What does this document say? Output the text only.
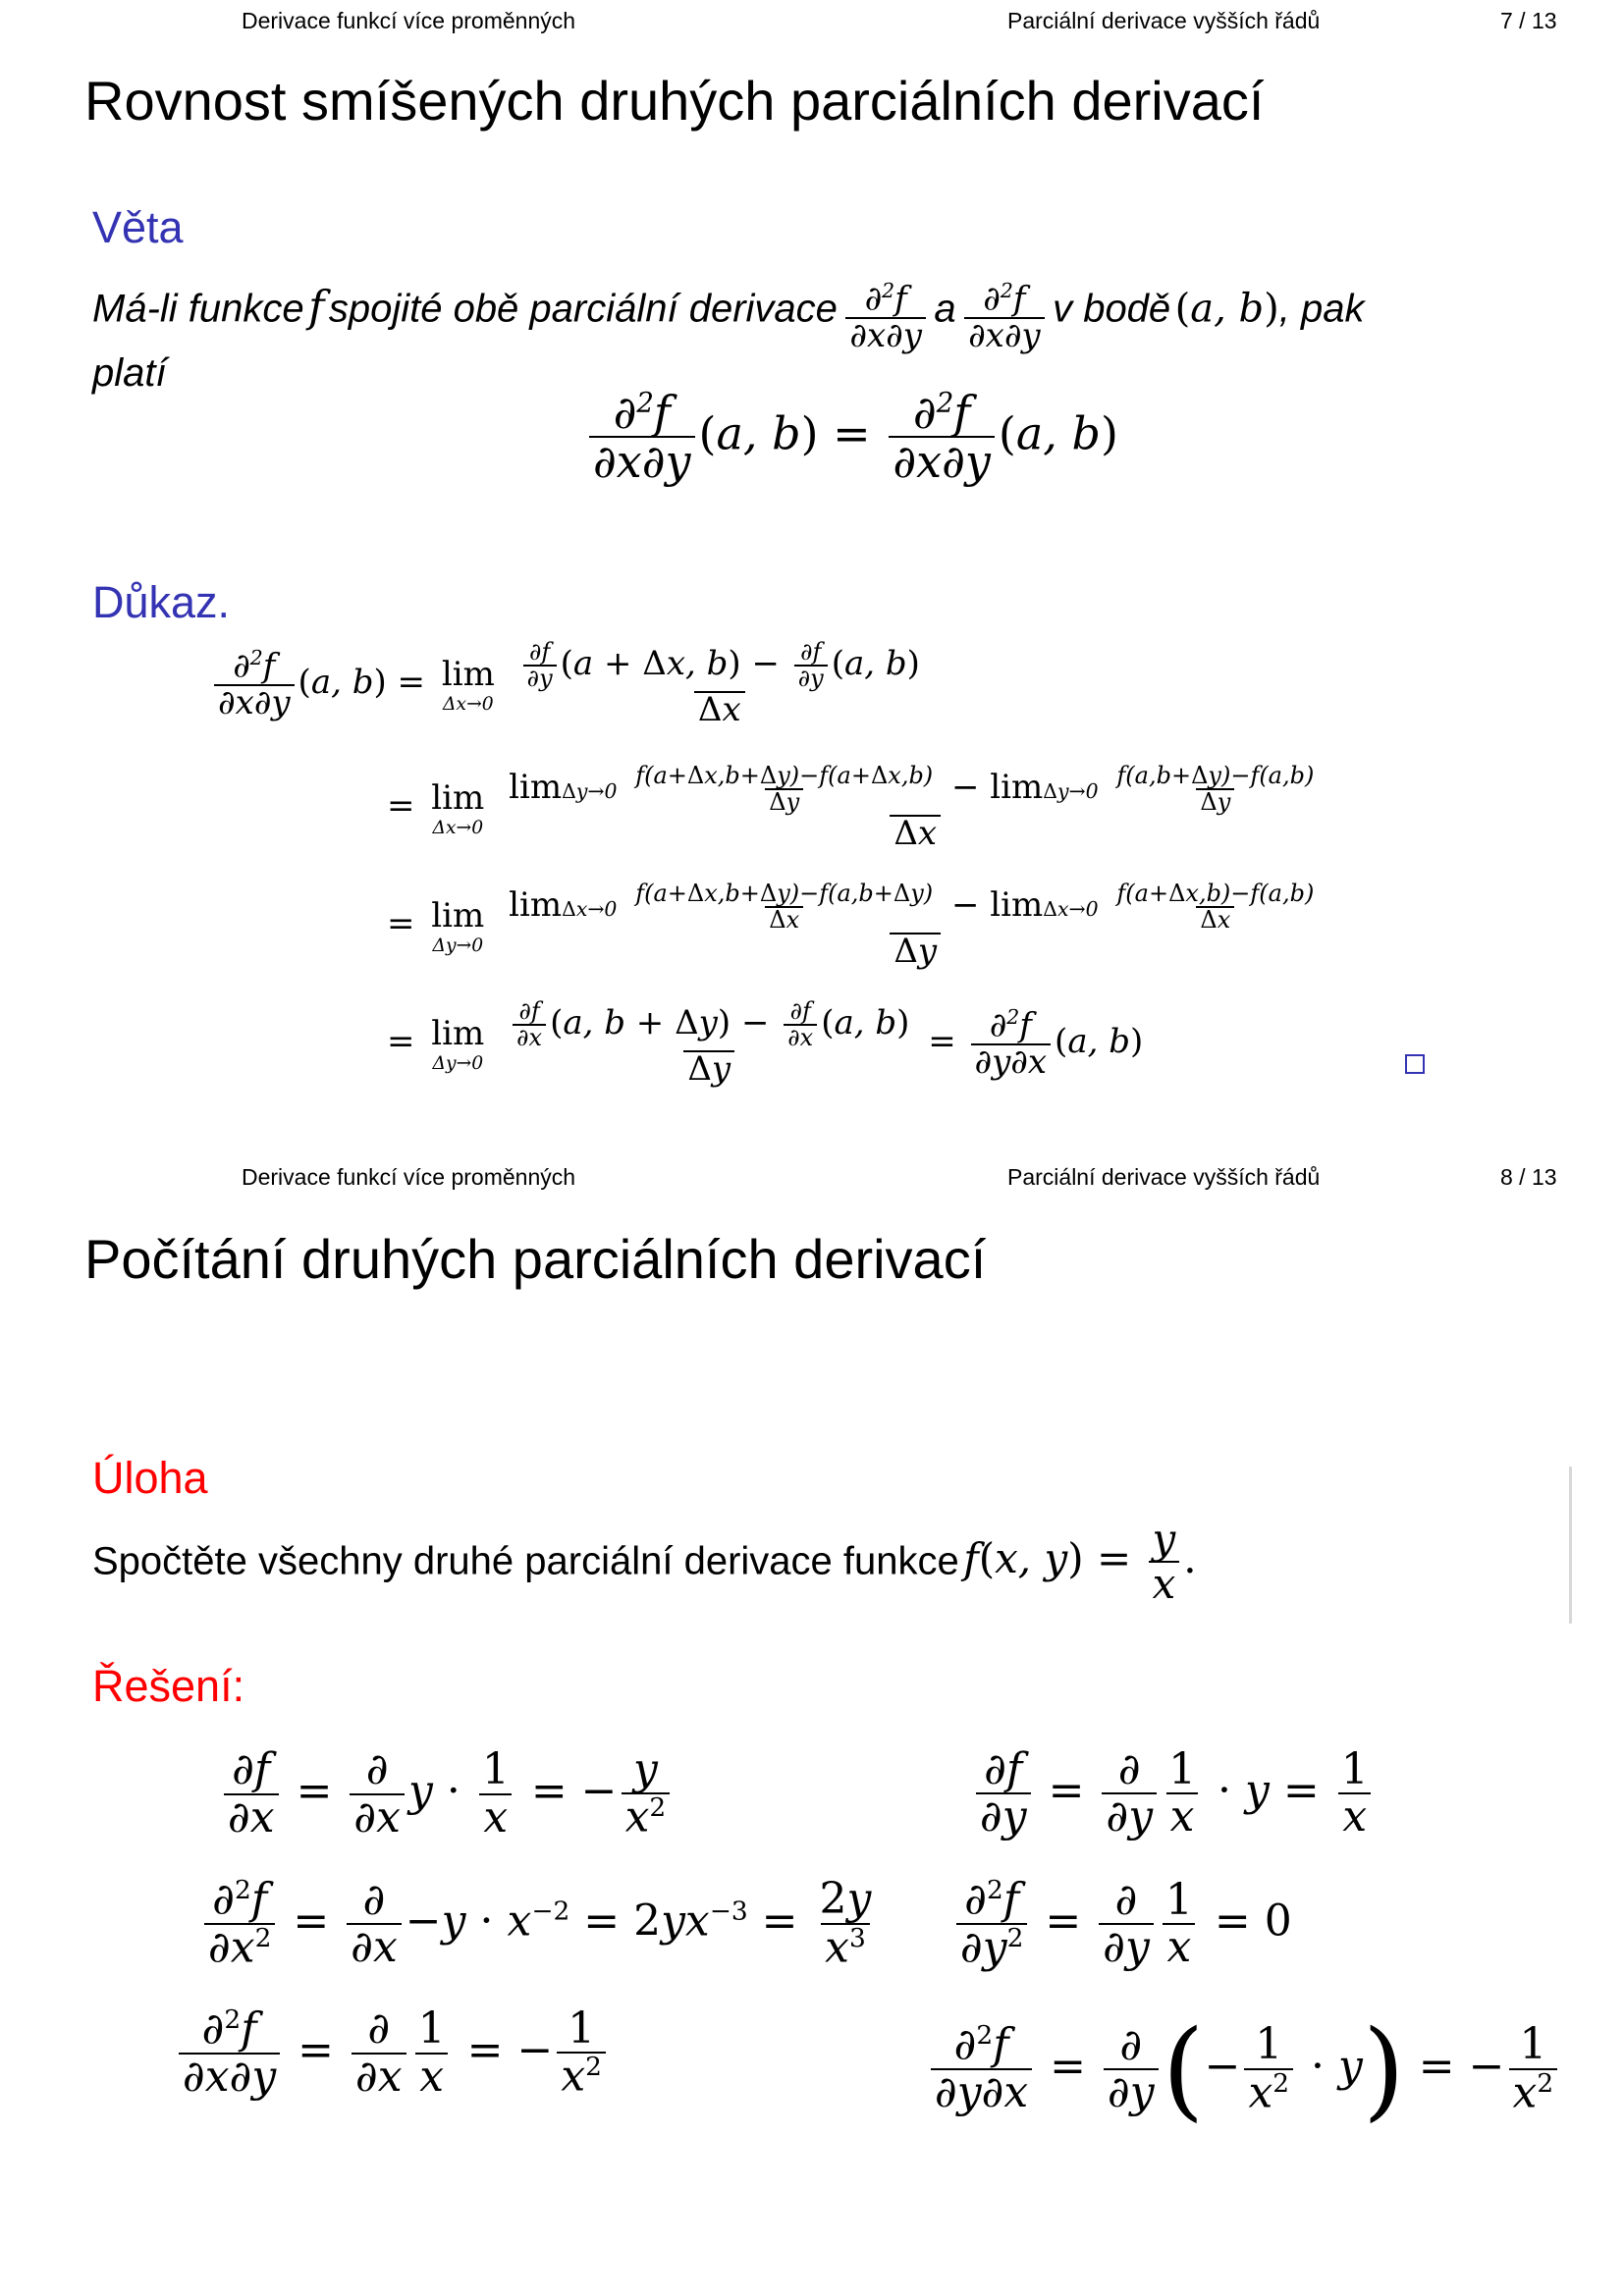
Derivace funkcí více proměnných	Parciální derivace vyšších řádů	7 / 13
Rovnost smíšených druhých parciálních derivací
Věta
Má-li funkce f spojité obě parciální derivace $\frac{\partial^2f}{\partial x\partial y}$ a $\frac{\partial^2f}{\partial x\partial y}$ v bodě (a, b), pak
platí
$\frac{\partial^2f}{\partial x\partial y} (a$, $b) = \frac{\partial^2f}{\partial x\partial y} (a$, b)
Důkaz.
$\frac{\partial^2f}{\partial x\partial y} (a$, b) = lim
Δx→0
$\frac{\frac{\partial f}{\partial y} (a + \Delta x, b) - \frac{\partial f}{\partial y} (a, b)}{\Delta x}$
= lim
Δx→0

$\lim\Delta y\to 0 \frac{f(a+\Delta x,b+\Delta y)-f(a+\Delta x,b)}{\Delta y} - \lim\Delta y\to 0 \frac{f(a,b+\Delta y)-f(a,b)}{\Delta y}$
Δx
= lim
Δy→0

$\lim\Delta x\to 0 \frac{f(a+\Delta x,b+\Delta y)-f(a,b+\Delta y)}{\Delta x} - \lim\Delta x\to 0 \frac{f(a+\Delta x,b)-f(a,b)}{\Delta x}$
Δy
= lim
Δy→0
$\frac{\frac{\partial f}{\partial x} (a, b + \Delta y) - \frac{\partial f}{\partial x} (a, b)}{\Delta y} = \frac{\partial^2f}{\partial y\partial x} (a$, b)
Derivace funkcí více proměnných	Parciální derivace vyšších řádů	8 / 13
Počítání druhých parciálních derivací
Úloha
Spočtěte všechny druhé parciální derivace funkce f(x, $y) = \frac{y}{x}$ .
Řešení:
$\frac{\partial f}{\partial x} = \frac{\partial}{\partial x}$ $y \cdot \frac{1}{x}$ = − $\frac{y}{x^2}$
$\frac{\partial^2f}{\partial x^2} = \frac{\partial}{\partial x} -y \cdot x^{-2} = 2yx^{-3} = \frac{2y}{x^3}$
$\frac{\partial^2f}{\partial x\partial y} = \frac{\partial}{\partial x} \frac{1}{x}$ = − $\frac{1}{x^2}$
$\frac{\partial f}{\partial y} = \frac{\partial}{\partial y} \frac{1}{x} \cdot y = \frac{1}{x}$
$\frac{\partial^2f}{\partial y^2} = \frac{\partial}{\partial y} \frac{1}{x} = 0$
$\frac{\partial^2f}{\partial y\partial x} = \frac{\partial}{\partial y}$ (− $\frac{1}{x^2} \cdot y$) = − $\frac{1}{x^2}$
